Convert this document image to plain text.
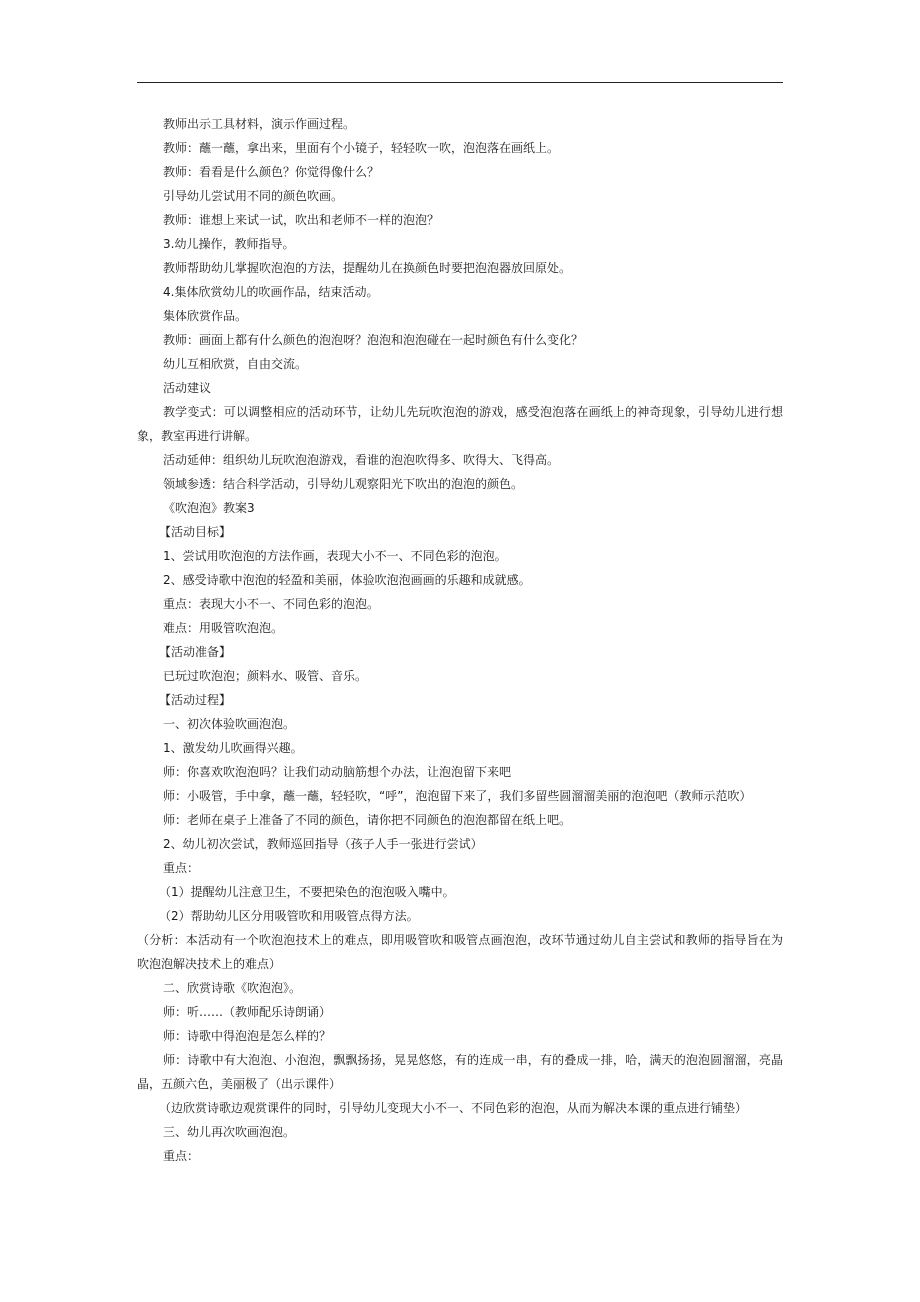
教师出示工具材料，演示作画过程。

教师：蘸一蘸，拿出来，里面有个小镜子，轻轻吹一吹，泡泡落在画纸上。

教师：看看是什么颜色？你觉得像什么？

引导幼儿尝试用不同的颜色吹画。

教师：谁想上来试一试，吹出和老师不一样的泡泡？

3.幼儿操作，教师指导。

教师帮助幼儿掌握吹泡泡的方法，提醒幼儿在换颜色时要把泡泡器放回原处。

4.集体欣赏幼儿的吹画作品，结束活动。

集体欣赏作品。

教师：画面上都有什么颜色的泡泡呀？泡泡和泡泡碰在一起时颜色有什么变化？

幼儿互相欣赏，自由交流。

活动建议

教学变式：可以调整相应的活动环节，让幼儿先玩吹泡泡的游戏，感受泡泡落在画纸上的神奇现象，引导幼儿进行想象，教室再进行讲解。

活动延伸：组织幼儿玩吹泡泡游戏，看谁的泡泡吹得多、吹得大、飞得高。

领域参透：结合科学活动，引导幼儿观察阳光下吹出的泡泡的颜色。

《吹泡泡》教案3

【活动目标】

1、尝试用吹泡泡的方法作画，表现大小不一、不同色彩的泡泡。

2、感受诗歌中泡泡的轻盈和美丽，体验吹泡泡画画的乐趣和成就感。

重点：表现大小不一、不同色彩的泡泡。

难点：用吸管吹泡泡。

【活动准备】

已玩过吹泡泡；颜料水、吸管、音乐。

【活动过程】

一、初次体验吹画泡泡。

1、激发幼儿吹画得兴趣。

师：你喜欢吹泡泡吗？让我们动动脑筋想个办法，让泡泡留下来吧

师：小吸管，手中拿，蘸一蘸，轻轻吹，“呼”，泡泡留下来了，我们多留些圆溜溜美丽的泡泡吧（教师示范吹）

师：老师在桌子上准备了不同的颜色，请你把不同颜色的泡泡都留在纸上吧。

2、幼儿初次尝试，教师巡回指导（孩子人手一张进行尝试）

重点：

（1）提醒幼儿注意卫生，不要把染色的泡泡吸入嘴中。

（2）帮助幼儿区分用吸管吹和用吸管点得方法。

（分析：本活动有一个吹泡泡技术上的难点，即用吸管吹和吸管点画泡泡，改环节通过幼儿自主尝试和教师的指导旨在为吹泡泡解决技术上的难点）

二、欣赏诗歌《吹泡泡》。

师：听……（教师配乐诗朗诵）

师：诗歌中得泡泡是怎么样的？

师：诗歌中有大泡泡、小泡泡，飘飘扬扬，晃晃悠悠，有的连成一串，有的叠成一排，哈，满天的泡泡圆溜溜，亮晶晶，五颜六色，美丽极了（出示课件）

（边欣赏诗歌边观赏课件的同时，引导幼儿变现大小不一、不同色彩的泡泡，从而为解决本课的重点进行铺垫）

三、幼儿再次吹画泡泡。

重点：
